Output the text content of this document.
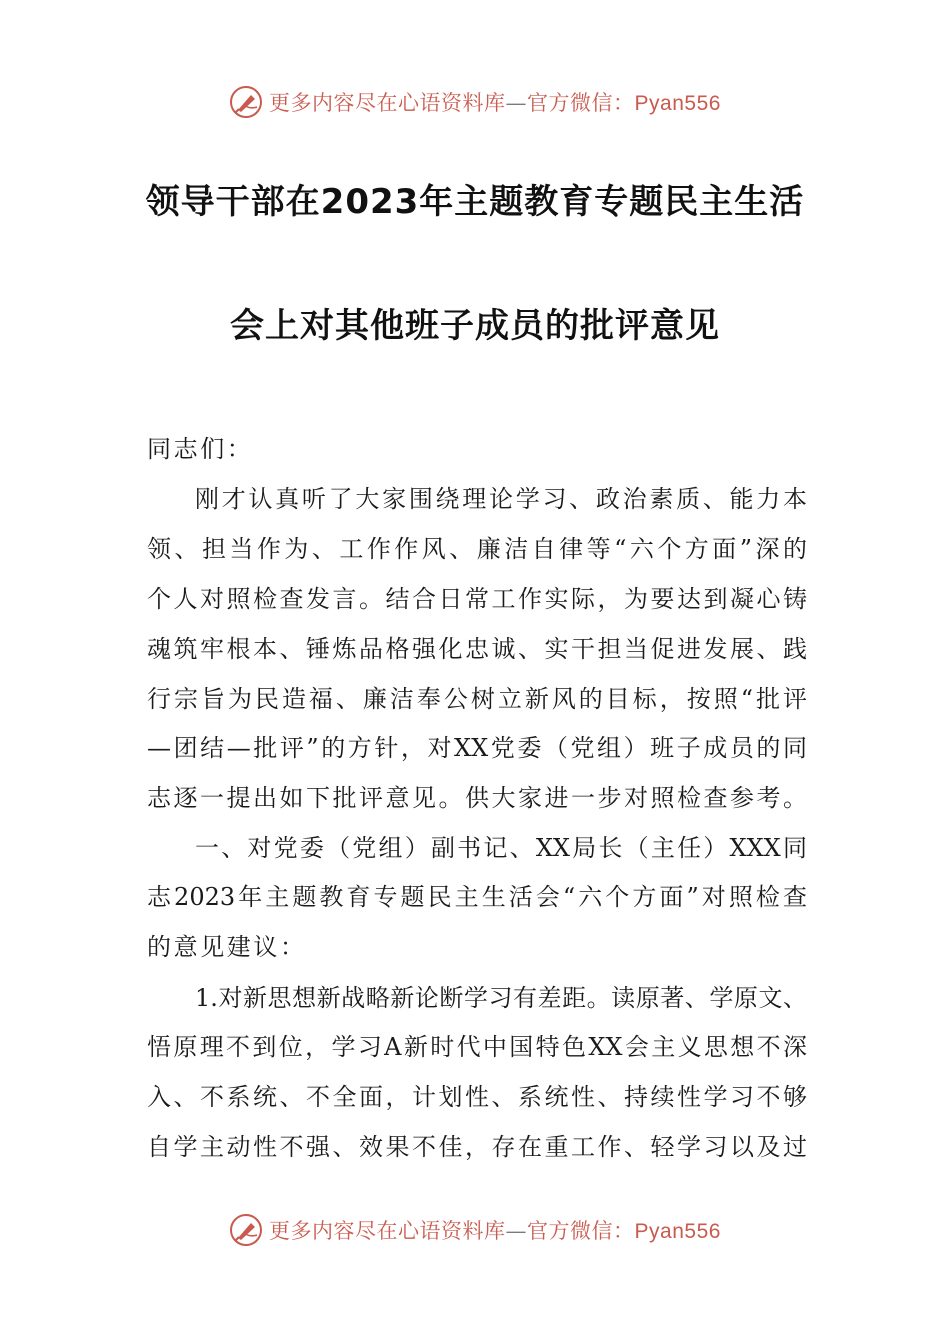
更多内容尽在心语资料库—官方微信：Pyan556
领导干部在2023年主题教育专题民主生活
会上对其他班子成员的批评意见
同志们：
刚才认真听了大家围绕理论学习、政治素质、能力本
领、担当作为、工作作风、廉洁自律等“六个方面”深的
个人对照检查发言。结合日常工作实际，为要达到凝心铸
魂筑牢根本、锤炼品格强化忠诚、实干担当促进发展、践
行宗旨为民造福、廉洁奉公树立新风的目标，按照“批评
—团结—批评”的方针，对XX党委（党组）班子成员的同
志逐一提出如下批评意见。供大家进一步对照检查参考。
一、对党委（党组）副书记、XX局长（主任）XXX同
志2023年主题教育专题民主生活会“六个方面”对照检查
的意见建议：
1.对新思想新战略新论断学习有差距。读原著、学原文、
悟原理不到位，学习A新时代中国特色XX会主义思想不深
入、不系统、不全面，计划性、系统性、持续性学习不够
自学主动性不强、效果不佳，存在重工作、轻学习以及过
更多内容尽在心语资料库—官方微信：Pyan556
